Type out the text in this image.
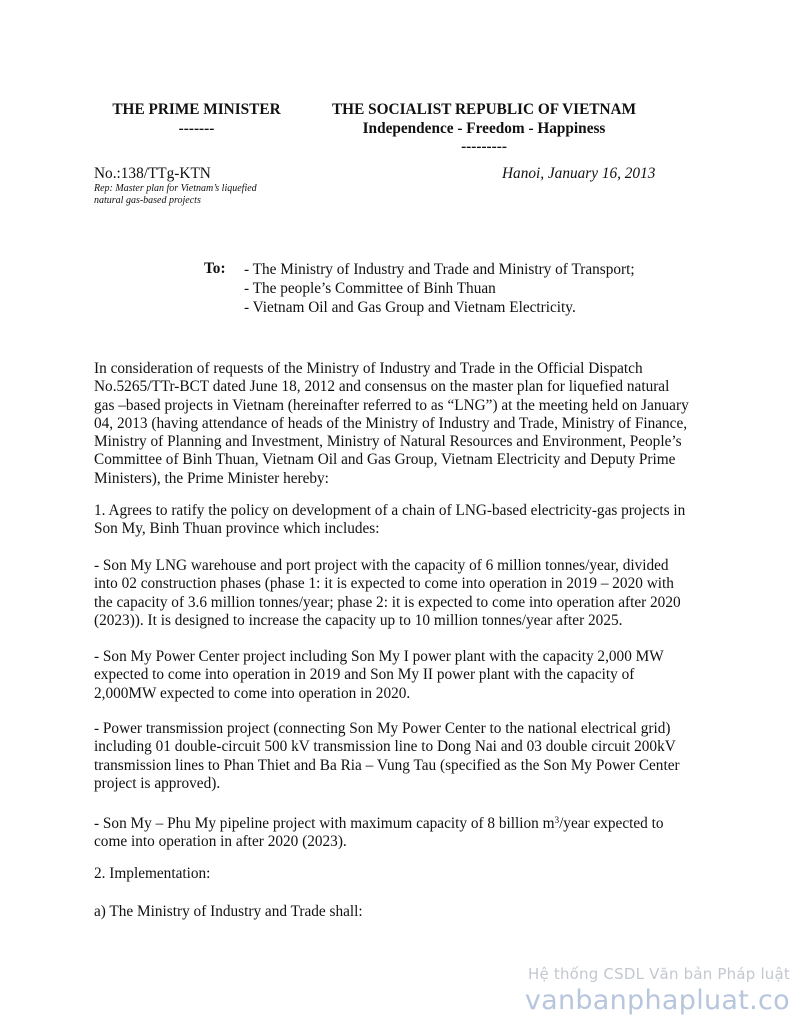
THE PRIME MINISTER
-------
THE SOCIALIST REPUBLIC OF VIETNAM
Independence - Freedom - Happiness
---------
No.:138/TTg-KTN
Rep: Master plan for Vietnam’s liquefied
natural gas-based projects
Hanoi, January 16, 2013
To: - The Ministry of Industry and Trade and Ministry of Transport;
- The people’s Committee of Binh Thuan
- Vietnam Oil and Gas Group and Vietnam Electricity.
In consideration of requests of the Ministry of Industry and Trade in the Official Dispatch
No.5265/TTr-BCT dated June 18, 2012 and consensus on the master plan for liquefied natural
gas –based projects in Vietnam (hereinafter referred to as “LNG”) at the meeting held on January
04, 2013 (having attendance of heads of the Ministry of Industry and Trade, Ministry of Finance,
Ministry of Planning and Investment, Ministry of Natural Resources and Environment, People’s
Committee of Binh Thuan, Vietnam Oil and Gas Group, Vietnam Electricity and Deputy Prime
Ministers), the Prime Minister hereby:
1. Agrees to ratify the policy on development of a chain of LNG-based electricity-gas projects in
Son My, Binh Thuan province which includes:
- Son My LNG warehouse and port project with the capacity of 6 million tonnes/year, divided
into 02 construction phases (phase 1: it is expected to come into operation in 2019 – 2020 with
the capacity of 3.6 million tonnes/year; phase 2: it is expected to come into operation after 2020
(2023)). It is designed to increase the capacity up to 10 million tonnes/year after 2025.
- Son My Power Center project including Son My I power plant with the capacity 2,000 MW
expected to come into operation in 2019 and Son My II power plant with the capacity of
2,000MW expected to come into operation in 2020.
- Power transmission project (connecting Son My Power Center to the national electrical grid)
including 01 double-circuit 500 kV transmission line to Dong Nai and 03 double circuit 200kV
transmission lines to Phan Thiet and Ba Ria – Vung Tau (specified as the Son My Power Center
project is approved).
- Son My – Phu My pipeline project with maximum capacity of 8 billion $m^3$/year expected to
come into operation in after 2020 (2023).
2. Implementation:
a) The Ministry of Industry and Trade shall:
Hệ thống CSDL Văn bản Pháp luật
vanbanphapluat.co
